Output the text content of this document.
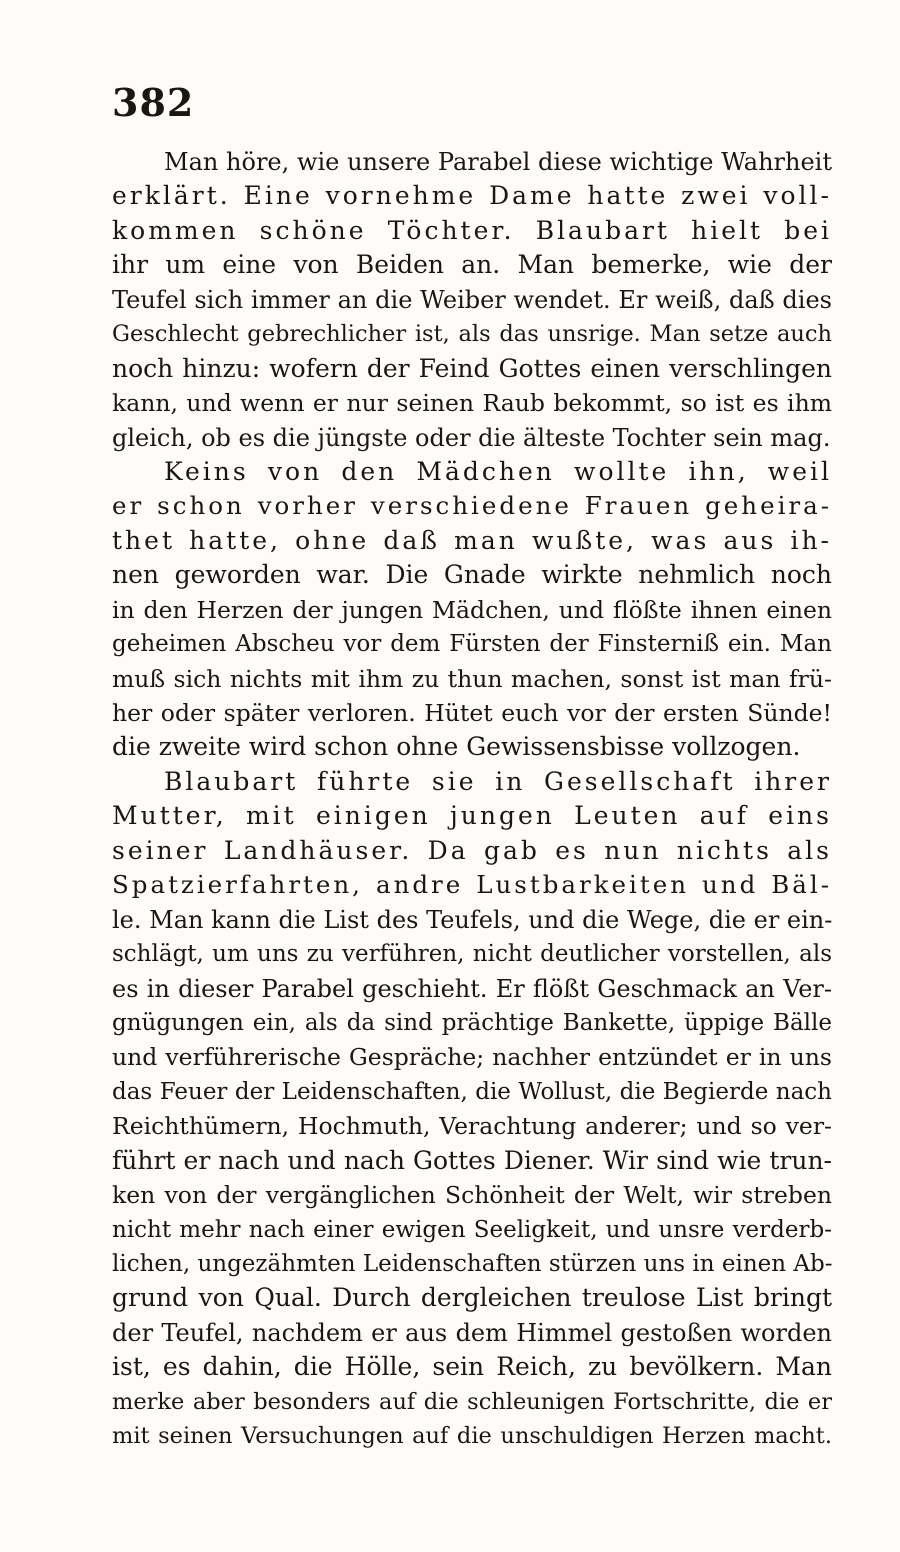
382
Man höre, wie unsere Parabel diese wichtige Wahrheit
erklärt. Eine vornehme Dame hatte zwei voll-
kommen schöne Töchter. Blaubart hielt bei
ihr um eine von Beiden an. Man bemerke, wie der
Teufel sich immer an die Weiber wendet. Er weiß, daß dies
Geschlecht gebrechlicher ist, als das unsrige. Man setze auch
noch hinzu: wofern der Feind Gottes einen verschlingen
kann, und wenn er nur seinen Raub bekommt, so ist es ihm
gleich, ob es die jüngste oder die älteste Tochter sein mag.
Keins von den Mädchen wollte ihn, weil
er schon vorher verschiedene Frauen geheira-
thet hatte, ohne daß man wußte, was aus ih-
nen geworden war. Die Gnade wirkte nehmlich noch
in den Herzen der jungen Mädchen, und flößte ihnen einen
geheimen Abscheu vor dem Fürsten der Finsterniß ein. Man
muß sich nichts mit ihm zu thun machen, sonst ist man frü-
her oder später verloren. Hütet euch vor der ersten Sünde!
die zweite wird schon ohne Gewissensbisse vollzogen.
Blaubart führte sie in Gesellschaft ihrer
Mutter, mit einigen jungen Leuten auf eins
seiner Landhäuser. Da gab es nun nichts als
Spatzierfahrten, andre Lustbarkeiten und Bäl-
le. Man kann die List des Teufels, und die Wege, die er ein-
schlägt, um uns zu verführen, nicht deutlicher vorstellen, als
es in dieser Parabel geschieht. Er flößt Geschmack an Ver-
gnügungen ein, als da sind prächtige Bankette, üppige Bälle
und verführerische Gespräche; nachher entzündet er in uns
das Feuer der Leidenschaften, die Wollust, die Begierde nach
Reichthümern, Hochmuth, Verachtung anderer; und so ver-
führt er nach und nach Gottes Diener. Wir sind wie trun-
ken von der vergänglichen Schönheit der Welt, wir streben
nicht mehr nach einer ewigen Seeligkeit, und unsre verderb-
lichen, ungezähmten Leidenschaften stürzen uns in einen Ab-
grund von Qual. Durch dergleichen treulose List bringt
der Teufel, nachdem er aus dem Himmel gestoßen worden
ist, es dahin, die Hölle, sein Reich, zu bevölkern. Man
merke aber besonders auf die schleunigen Fortschritte, die er
mit seinen Versuchungen auf die unschuldigen Herzen macht.
